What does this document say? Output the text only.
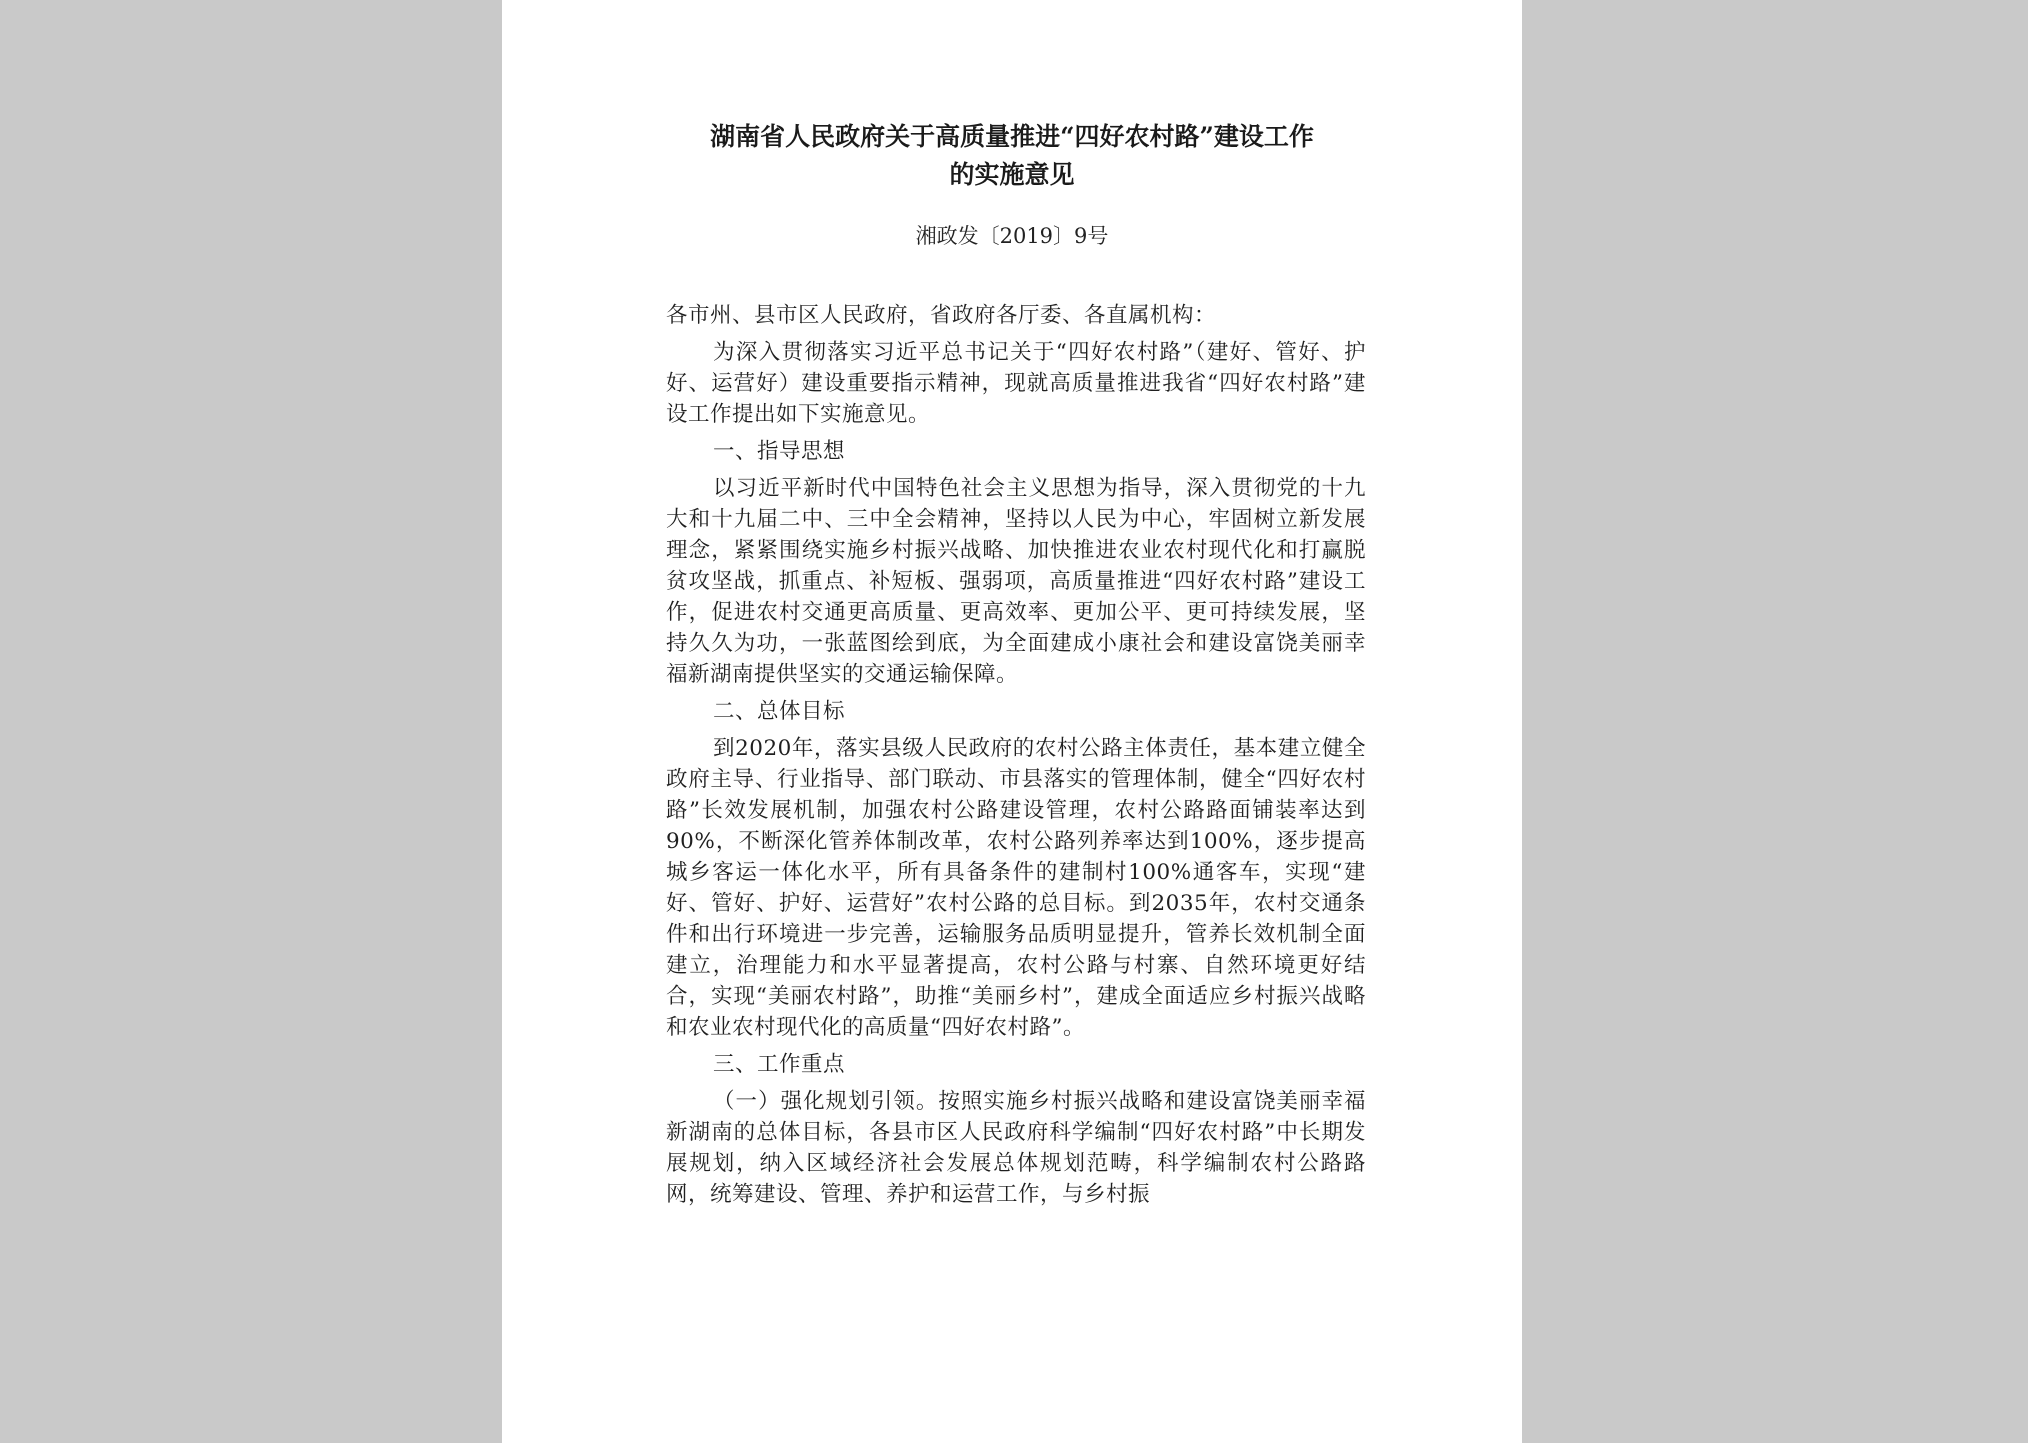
湖南省人民政府关于高质量推进“四好农村路”建设工作
的实施意见
湘政发〔2019〕9号

各市州、县市区人民政府，省政府各厅委、各直属机构：

为深入贯彻落实习近平总书记关于“四好农村路”（建好、管好、护好、运营好）建设重要指示精神，现就高质量推进我省“四好农村路”建设工作提出如下实施意见。

一、指导思想

以习近平新时代中国特色社会主义思想为指导，深入贯彻党的十九大和十九届二中、三中全会精神，坚持以人民为中心，牢固树立新发展理念，紧紧围绕实施乡村振兴战略、加快推进农业农村现代化和打赢脱贫攻坚战，抓重点、补短板、强弱项，高质量推进“四好农村路”建设工作，促进农村交通更高质量、更高效率、更加公平、更可持续发展，坚持久久为功，一张蓝图绘到底，为全面建成小康社会和建设富饶美丽幸福新湖南提供坚实的交通运输保障。

二、总体目标

到2020年，落实县级人民政府的农村公路主体责任，基本建立健全政府主导、行业指导、部门联动、市县落实的管理体制，健全“四好农村路”长效发展机制，加强农村公路建设管理，农村公路路面铺装率达到90%，不断深化管养体制改革，农村公路列养率达到100%，逐步提高城乡客运一体化水平，所有具备条件的建制村100%通客车，实现“建好、管好、护好、运营好”农村公路的总目标。到2035年，农村交通条件和出行环境进一步完善，运输服务品质明显提升，管养长效机制全面建立，治理能力和水平显著提高，农村公路与村寨、自然环境更好结合，实现“美丽农村路”，助推“美丽乡村”，建成全面适应乡村振兴战略和农业农村现代化的高质量“四好农村路”。

三、工作重点

（一）强化规划引领。按照实施乡村振兴战略和建设富饶美丽幸福新湖南的总体目标，各县市区人民政府科学编制“四好农村路”中长期发展规划，纳入区域经济社会发展总体规划范畴，科学编制农村公路路网，统筹建设、管理、养护和运营工作，与乡村振
